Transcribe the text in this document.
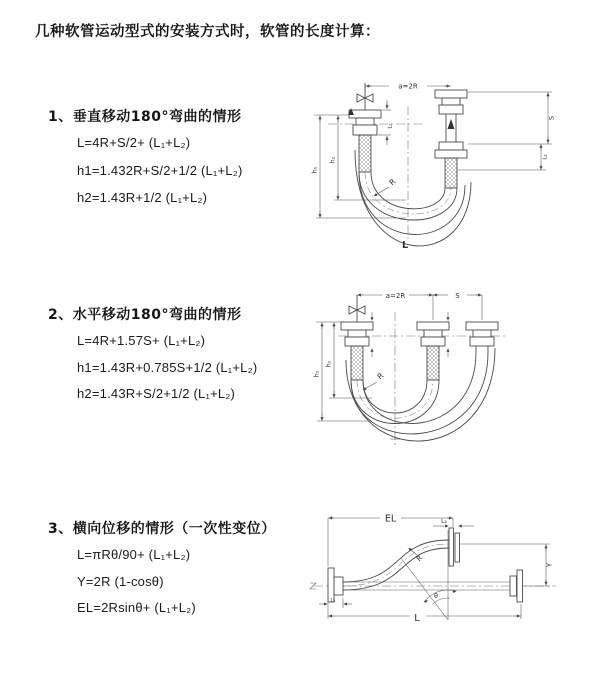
几种软管运动型式的安装方式时，软管的长度计算：
1、垂直移动180°弯曲的情形
L=4R+S/2+ (L₁+L₂)
h1=1.432R+S/2+1/2 (L₁+L₂)
h2=1.43R+1/2 (L₁+L₂)
2、水平移动180°弯曲的情形
L=4R+1.57S+ (L₁+L₂)
h1=1.43R+0.785S+1/2 (L₁+L₂)
h2=1.43R+S/2+1/2 (L₁+L₂)
3、横向位移的情形（一次性变位）
L=πRθ/90+ (L₁+L₂)
Y=2R (1-cosθ)
EL=2Rsinθ+ (L₁+L₂)
a=2R
L₁
S
L₂
R
h₁
h₂
L
a=2R	S
R
h₁
h₂
EL	L₂
Y
θ
R
L₁
L
